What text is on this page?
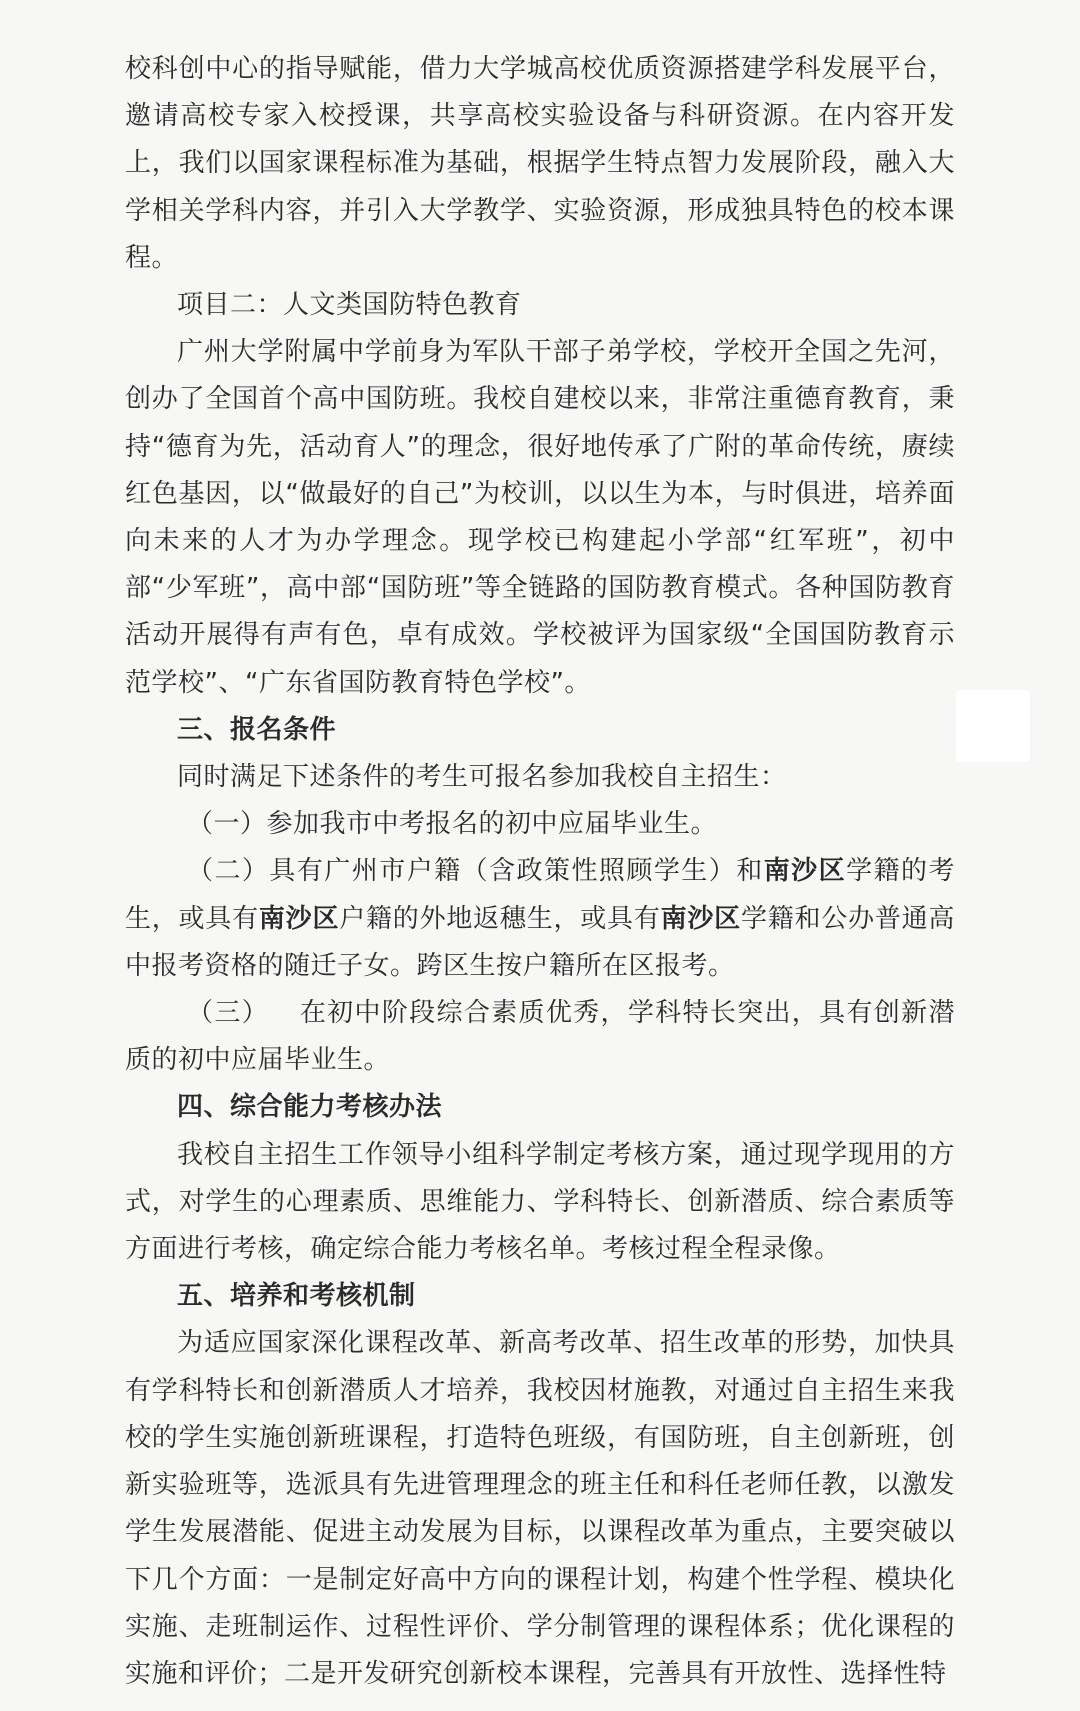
校科创中心的指导赋能，借力大学城高校优质资源搭建学科发展平台，邀请高校专家入校授课，共享高校实验设备与科研资源。在内容开发上，我们以国家课程标准为基础，根据学生特点智力发展阶段，融入大学相关学科内容，并引入大学教学、实验资源，形成独具特色的校本课程。

项目二：人文类国防特色教育

广州大学附属中学前身为军队干部子弟学校，学校开全国之先河，创办了全国首个高中国防班。我校自建校以来，非常注重德育教育，秉持“德育为先，活动育人”的理念，很好地传承了广附的革命传统，赓续红色基因，以“做最好的自己”为校训，以以生为本，与时俱进，培养面向未来的人才为办学理念。现学校已构建起小学部“红军班”，初中部“少军班”，高中部“国防班”等全链路的国防教育模式。各种国防教育活动开展得有声有色，卓有成效。学校被评为国家级“全国国防教育示范学校”、“广东省国防教育特色学校”。

三、报名条件

同时满足下述条件的考生可报名参加我校自主招生：

（一）参加我市中考报名的初中应届毕业生。

（二）具有广州市户籍（含政策性照顾学生）和南沙区学籍的考生，或具有南沙区户籍的外地返穗生，或具有南沙区学籍和公办普通高中报考资格的随迁子女。跨区生按户籍所在区报考。

（三） 在初中阶段综合素质优秀，学科特长突出，具有创新潜质的初中应届毕业生。

四、综合能力考核办法

我校自主招生工作领导小组科学制定考核方案，通过现学现用的方式，对学生的心理素质、思维能力、学科特长、创新潜质、综合素质等方面进行考核，确定综合能力考核名单。考核过程全程录像。

五、培养和考核机制

为适应国家深化课程改革、新高考改革、招生改革的形势，加快具有学科特长和创新潜质人才培养，我校因材施教，对通过自主招生来我校的学生实施创新班课程，打造特色班级，有国防班，自主创新班，创新实验班等，选派具有先进管理理念的班主任和科任老师任教，以激发学生发展潜能、促进主动发展为目标，以课程改革为重点，主要突破以下几个方面：一是制定好高中方向的课程计划，构建个性学程、模块化实施、走班制运作、过程性评价、学分制管理的课程体系；优化课程的实施和评价；二是开发研究创新校本课程，完善具有开放性、选择性特
